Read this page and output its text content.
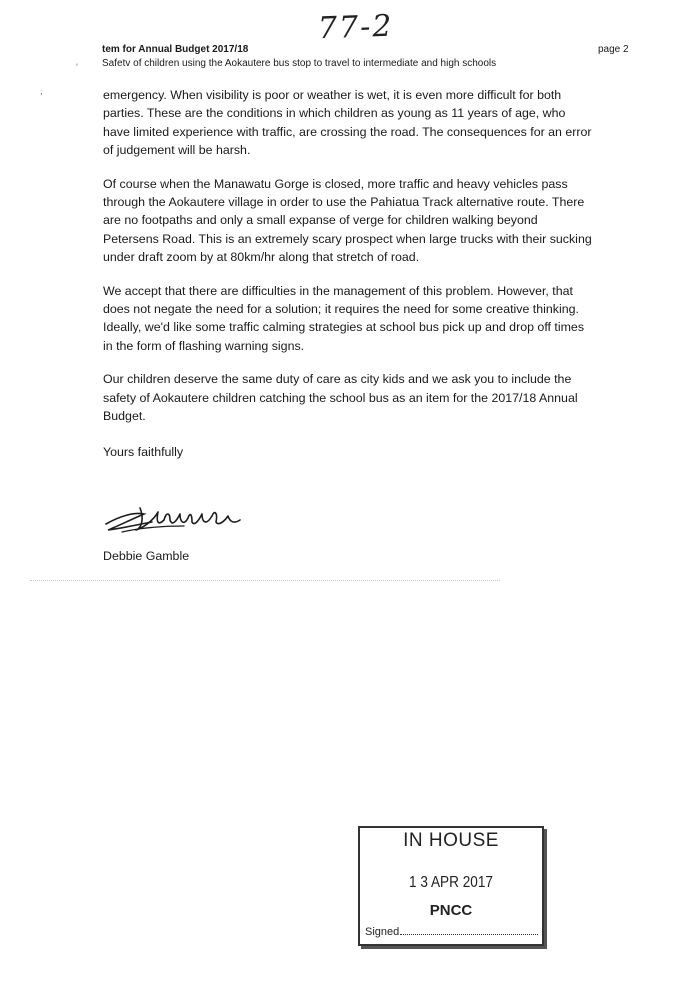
77-2
tem for Annual Budget 2017/18
Safetv of children using the Aokautere bus stop to travel to intermediate and high schools
page 2
‘
,	emergency. When visibility is poor or weather is wet, it is even more difficult for both parties. These are the conditions in which children as young as 11 years of age, who have limited experience with traffic, are crossing the road. The consequences for an error of judgement will be harsh.

Of course when the Manawatu Gorge is closed, more traffic and heavy vehicles pass through the Aokautere village in order to use the Pahiatua Track alternative route. There are no footpaths and only a small expanse of verge for children walking beyond Petersens Road. This is an extremely scary prospect when large trucks with their sucking under draft zoom by at 80km/hr along that stretch of road.

We accept that there are difficulties in the management of this problem. However, that does not negate the need for a solution; it requires the need for some creative thinking. Ideally, we'd like some traffic calming strategies at school bus pick up and drop off times in the form of flashing warning signs.

Our children deserve the same duty of care as city kids and we ask you to include the safety of Aokautere children catching the school bus as an item for the 2017/18 Annual Budget.

Yours faithfully
Debbie Gamble
IN HOUSE
1 3 APR 2017
PNCC
Signed
